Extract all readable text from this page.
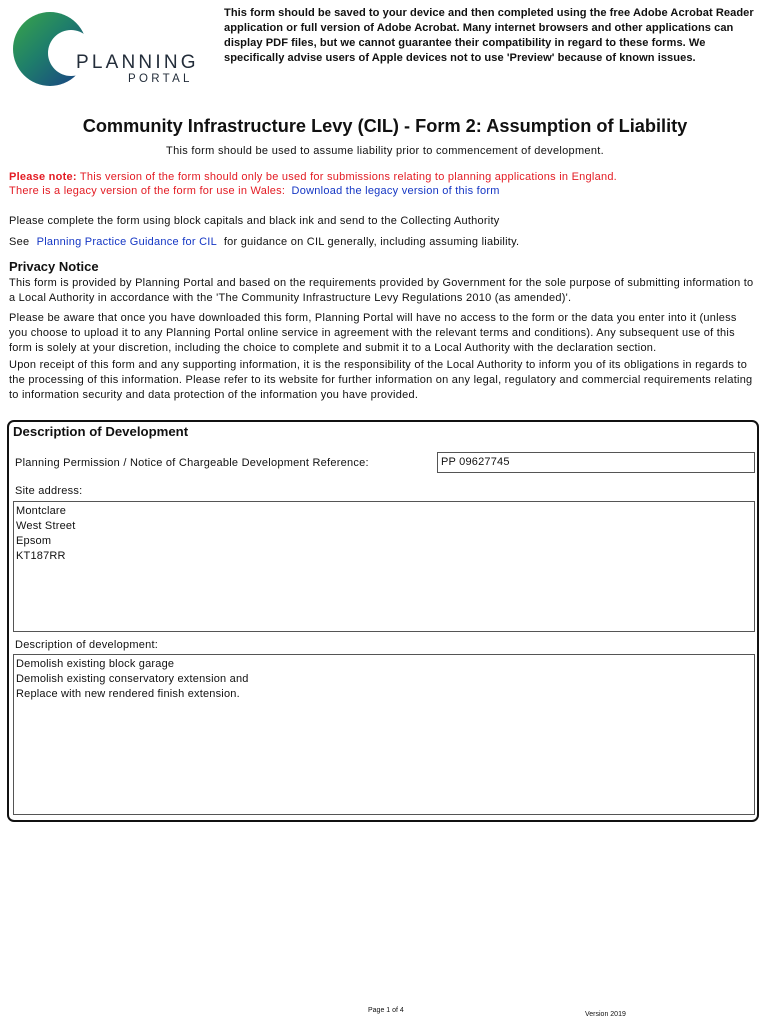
PLANNING
PORTAL
This form should be saved to your device and then completed using the free Adobe Acrobat Reader application or full version of Adobe Acrobat. Many internet browsers and other applications can display PDF files, but we cannot guarantee their compatibility in regard to these forms. We specifically advise users of Apple devices not to use 'Preview' because of known issues.
Community Infrastructure Levy (CIL) - Form 2: Assumption of Liability
This form should be used to assume liability prior to commencement of development.
Please note: This version of the form should only be used for submissions relating to planning applications in England.
There is a legacy version of the form for use in Wales: Download the legacy version of this form
Please complete the form using block capitals and black ink and send to the Collecting Authority
See Planning Practice Guidance for CIL for guidance on CIL generally, including assuming liability.
Privacy Notice
This form is provided by Planning Portal and based on the requirements provided by Government for the sole purpose of submitting information to a Local Authority in accordance with the 'The Community Infrastructure Levy Regulations 2010 (as amended)'.
Please be aware that once you have downloaded this form, Planning Portal will have no access to the form or the data you enter into it (unless you choose to upload it to any Planning Portal online service in agreement with the relevant terms and conditions). Any subsequent use of this form is solely at your discretion, including the choice to complete and submit it to a Local Authority with the declaration section.
Upon receipt of this form and any supporting information, it is the responsibility of the Local Authority to inform you of its obligations in regards to the processing of this information. Please refer to its website for further information on any legal, regulatory and commercial requirements relating to information security and data protection of the information you have provided.
Description of Development
Planning Permission / Notice of Chargeable Development Reference:	PP 09627745
Site address:
Montclare
West Street
Epsom
KT187RR
Description of development:
Demolish existing block garage
Demolish existing conservatory extension and
Replace with new rendered finish extension.
Page 1 of 4
Version 2019
